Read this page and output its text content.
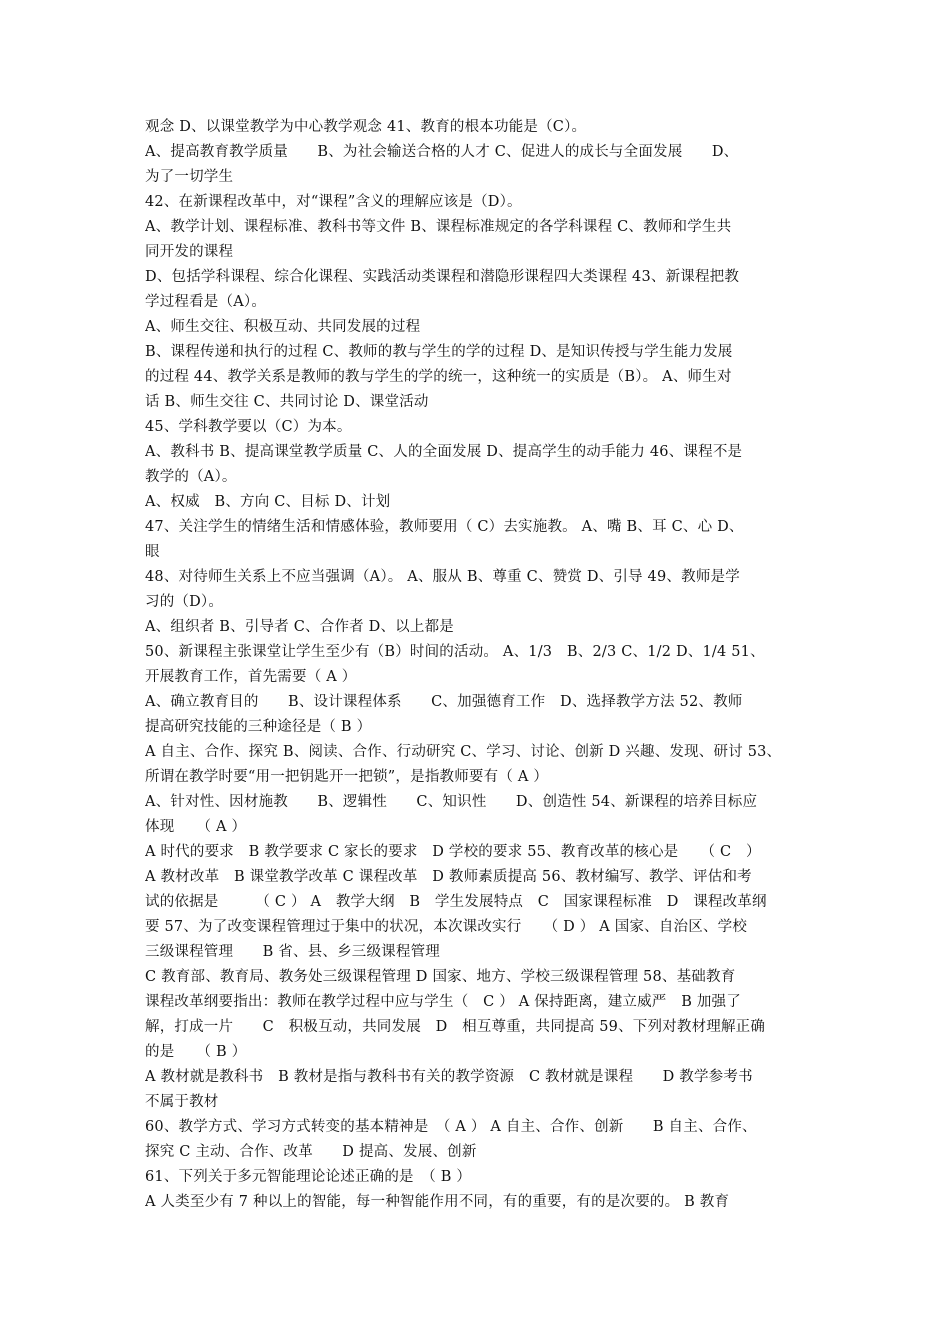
观念 D、以课堂教学为中心教学观念 41、教育的根本功能是（C）。
A、提高教育教学质量　　B、为社会输送合格的人才 C、促进人的成长与全面发展　　D、
为了一切学生
42、在新课程改革中，对“课程”含义的理解应该是（D）。
A、教学计划、课程标准、教科书等文件 B、课程标准规定的各学科课程 C、教师和学生共
同开发的课程
D、包括学科课程、综合化课程、实践活动类课程和潜隐形课程四大类课程 43、新课程把教
学过程看是（A）。
A、师生交往、积极互动、共同发展的过程
B、课程传递和执行的过程 C、教师的教与学生的学的过程 D、是知识传授与学生能力发展
的过程 44、教学关系是教师的教与学生的学的统一，这种统一的实质是（B）。 A、师生对
话 B、师生交往 C、共同讨论 D、课堂活动
45、学科教学要以（C）为本。
A、教科书 B、提高课堂教学质量 C、人的全面发展 D、提高学生的动手能力 46、课程不是
教学的（A）。
A、权威　B、方向 C、目标 D、计划
47、关注学生的情绪生活和情感体验，教师要用（ C）去实施教。 A、嘴 B、耳 C、心 D、
眼
48、对待师生关系上不应当强调（A）。 A、服从 B、尊重 C、赞赏 D、引导 49、教师是学
习的（D）。
A、组织者 B、引导者 C、合作者 D、以上都是
50、新课程主张课堂让学生至少有（B）时间的活动。 A、1/3　B、2/3 C、1/2 D、1/4 51、
开展教育工作，首先需要（ A ）
A、确立教育目的　　B、设计课程体系　　C、加强德育工作　D、选择教学方法 52、教师
提高研究技能的三种途径是（ B ）
A 自主、合作、探究 B、阅读、合作、行动研究 C、学习、讨论、创新 D 兴趣、发现、研讨 53、
所谓在教学时要“用一把钥匙开一把锁”，是指教师要有（ A ）
A、针对性、因材施教　　B、逻辑性　　C、知识性　　D、创造性 54、新课程的培养目标应
体现　　（ A ）
A 时代的要求　B 教学要求 C 家长的要求　D 学校的要求 55、教育改革的核心是　　（ C　）
A 教材改革　B 课堂教学改革 C 课程改革　D 教师素质提高 56、教材编写、教学、评估和考
试的依据是　　　（ C ） A　教学大纲　B　学生发展特点　C　国家课程标准　D　课程改革纲
要 57、为了改变课程管理过于集中的状况，本次课改实行　　（ D ） A 国家、自治区、学校
三级课程管理　　B 省、县、乡三级课程管理
C 教育部、教育局、教务处三级课程管理 D 国家、地方、学校三级课程管理 58、基础教育
课程改革纲要指出：教师在教学过程中应与学生（　C ） A 保持距离，建立威严　B 加强了
解，打成一片　　C　积极互动，共同发展　D　相互尊重，共同提高 59、下列对教材理解正确
的是　　（ B ）
A 教材就是教科书　B 教材是指与教科书有关的教学资源　C 教材就是课程　　D 教学参考书
不属于教材
60、教学方式、学习方式转变的基本精神是　（ A ） A 自主、合作、创新　　B 自主、合作、
探究 C 主动、合作、改革　　D 提高、发展、创新
61、下列关于多元智能理论论述正确的是　（ B ）
A 人类至少有 7 种以上的智能，每一种智能作用不同，有的重要，有的是次要的。 B 教育
